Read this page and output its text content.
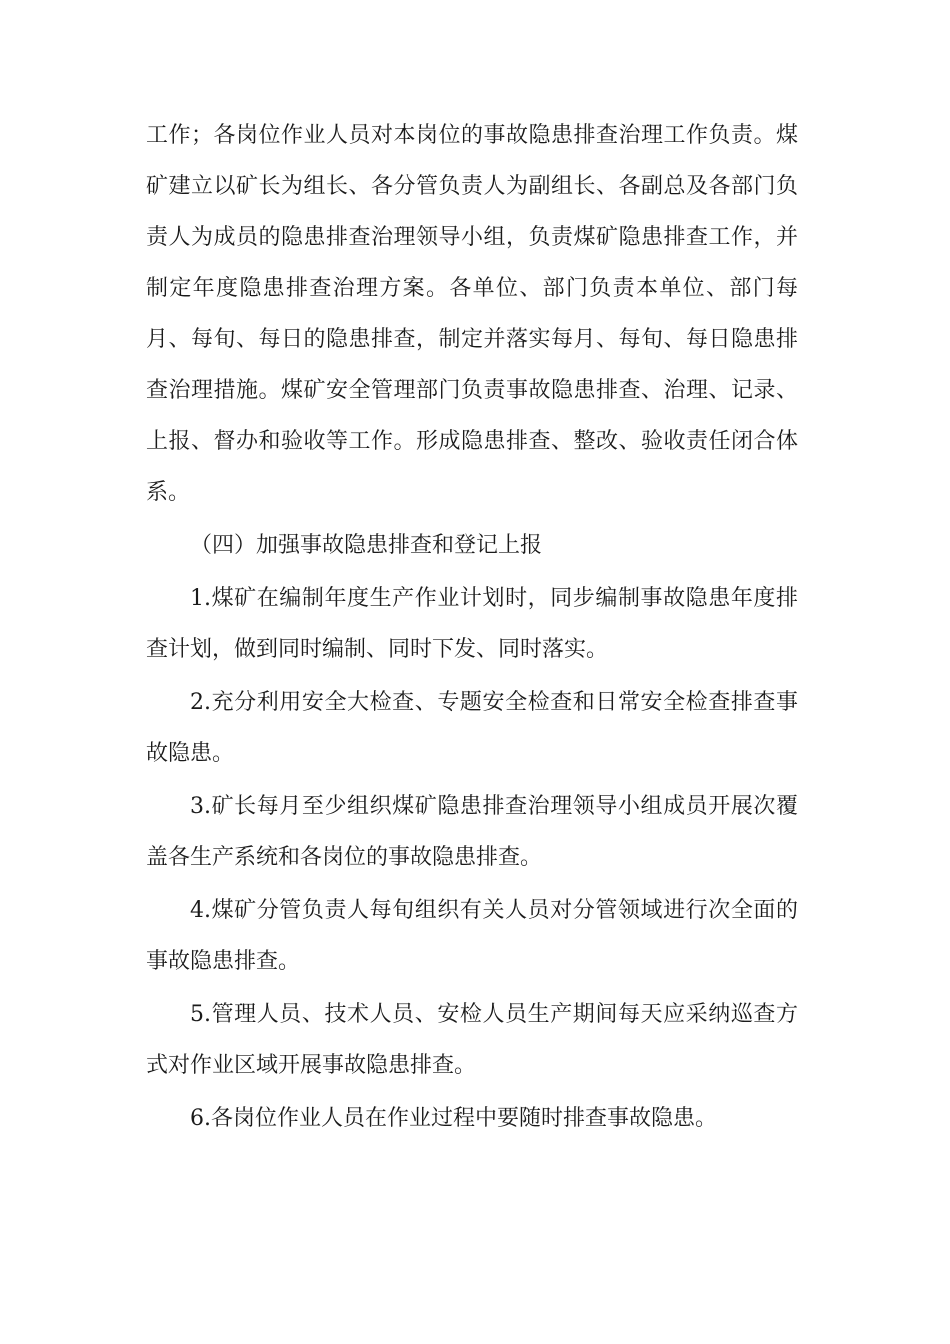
工作；各岗位作业人员对本岗位的事故隐患排查治理工作负责。煤矿建立以矿长为组长、各分管负责人为副组长、各副总及各部门负责人为成员的隐患排查治理领导小组，负责煤矿隐患排查工作，并制定年度隐患排查治理方案。各单位、部门负责本单位、部门每月、每旬、每日的隐患排查，制定并落实每月、每旬、每日隐患排查治理措施。煤矿安全管理部门负责事故隐患排查、治理、记录、上报、督办和验收等工作。形成隐患排查、整改、验收责任闭合体系。

（四）加强事故隐患排查和登记上报

1.煤矿在编制年度生产作业计划时，同步编制事故隐患年度排查计划，做到同时编制、同时下发、同时落实。

2.充分利用安全大检查、专题安全检查和日常安全检查排查事故隐患。

3.矿长每月至少组织煤矿隐患排查治理领导小组成员开展次覆盖各生产系统和各岗位的事故隐患排查。

4.煤矿分管负责人每旬组织有关人员对分管领域进行次全面的事故隐患排查。

5.管理人员、技术人员、安检人员生产期间每天应采纳巡查方式对作业区域开展事故隐患排查。

6.各岗位作业人员在作业过程中要随时排查事故隐患。
